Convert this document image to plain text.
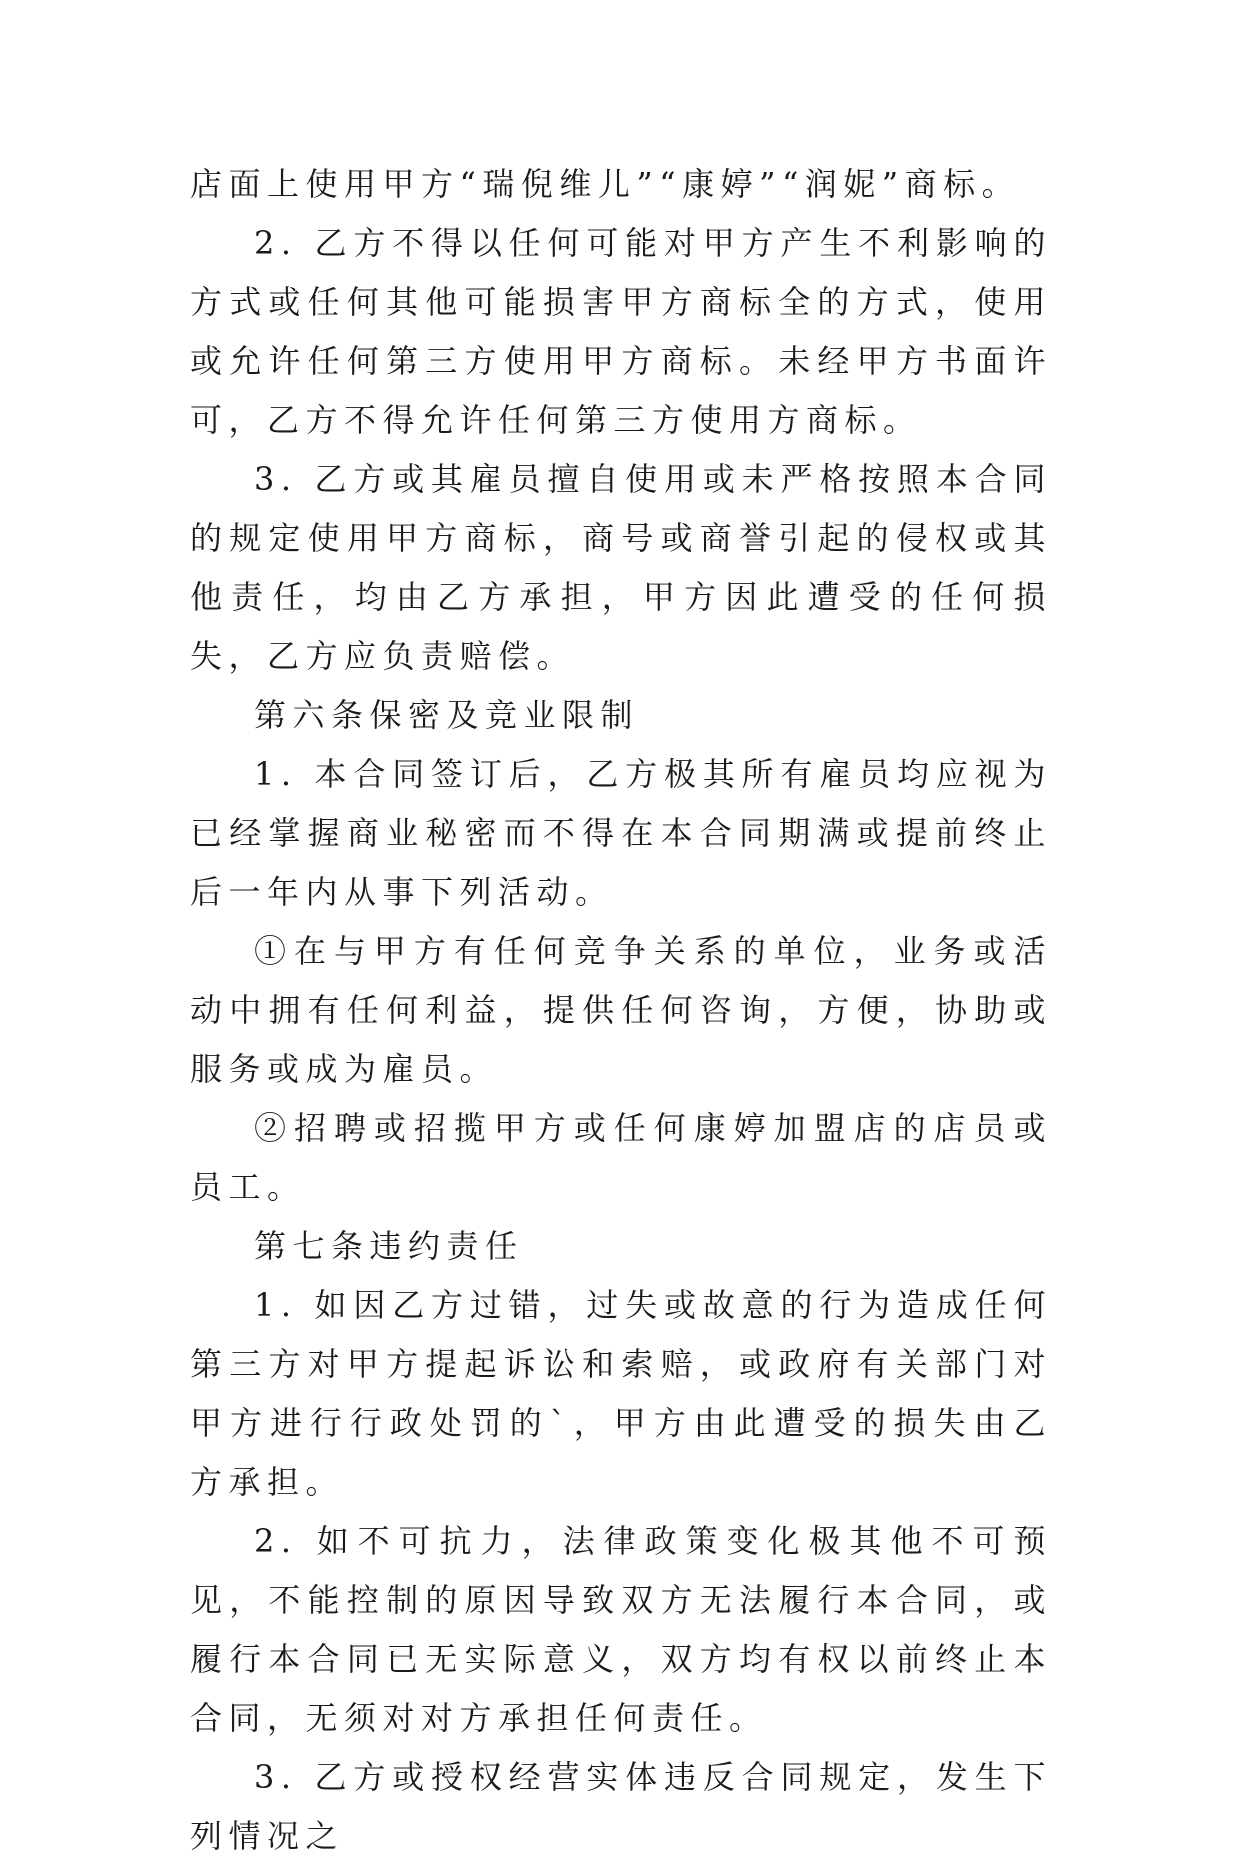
店面上使用甲方“瑞倪维儿”“康婷”“润妮”商标。

2. 乙方不得以任何可能对甲方产生不利影响的方式或任何其他可能损害甲方商标全的方式，使用或允许任何第三方使用甲方商标。未经甲方书面许可，乙方不得允许任何第三方使用方商标。

3. 乙方或其雇员擅自使用或未严格按照本合同的规定使用甲方商标，商号或商誉引起的侵权或其他责任，均由乙方承担，甲方因此遭受的任何损失，乙方应负责赔偿。

第六条保密及竞业限制

1. 本合同签订后，乙方极其所有雇员均应视为已经掌握商业秘密而不得在本合同期满或提前终止后一年内从事下列活动。

①在与甲方有任何竞争关系的单位，业务或活动中拥有任何利益，提供任何咨询，方便，协助或服务或成为雇员。

②招聘或招揽甲方或任何康婷加盟店的店员或员工。

第七条违约责任

1. 如因乙方过错，过失或故意的行为造成任何第三方对甲方提起诉讼和索赔，或政府有关部门对甲方进行行政处罚的`，甲方由此遭受的损失由乙方承担。

2. 如不可抗力，法律政策变化极其他不可预见，不能控制的原因导致双方无法履行本合同，或履行本合同已无实际意义，双方均有权以前终止本合同，无须对对方承担任何责任。

3. 乙方或授权经营实体违反合同规定，发生下列情况之
